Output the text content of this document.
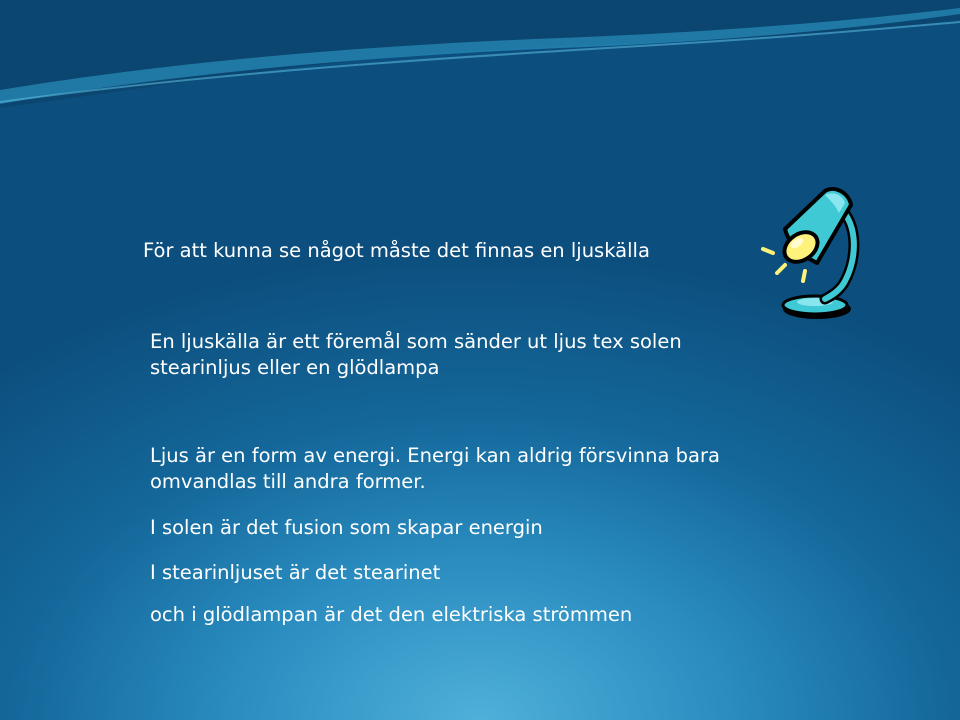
För att kunna se något måste det finnas en ljuskälla

En ljuskälla är ett föremål som sänder ut ljus tex solen
stearinljus eller en glödlampa
Ljus är en form av energi. Energi kan aldrig försvinna bara
omvandlas till andra former.

I solen är det fusion som skapar energin

I stearinljuset är det stearinet

och i glödlampan är det den elektriska strömmen
